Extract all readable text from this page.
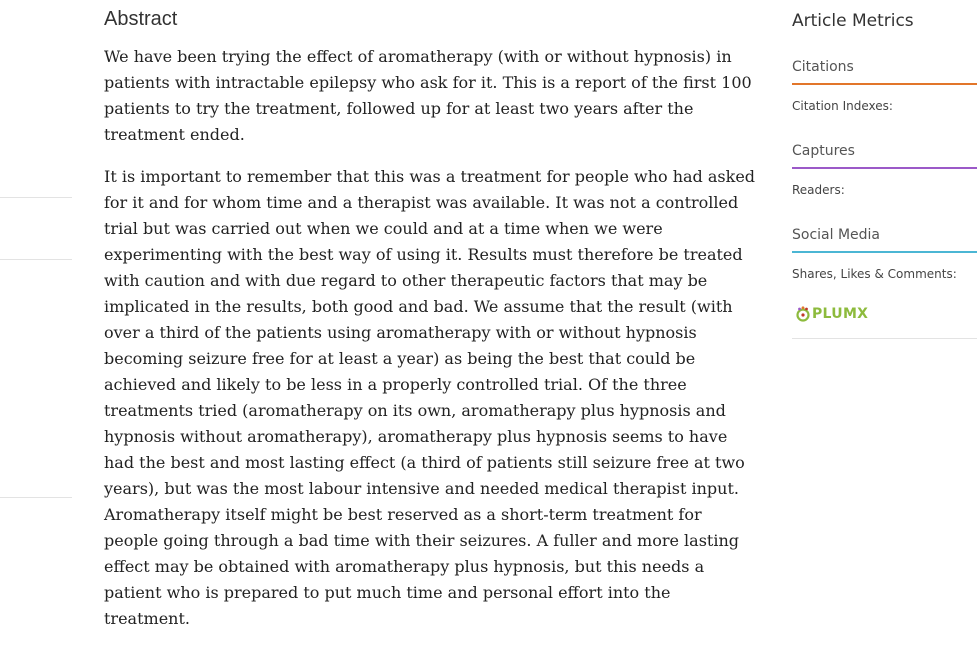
Abstract

We have been trying the effect of aromatherapy (with or without hypnosis) in patients with intractable epilepsy who ask for it. This is a report of the first 100 patients to try the treatment, followed up for at least two years after the treatment ended.

It is important to remember that this was a treatment for people who had asked for it and for whom time and a therapist was available. It was not a controlled trial but was carried out when we could and at a time when we were experimenting with the best way of using it. Results must therefore be treated with caution and with due regard to other therapeutic factors that may be implicated in the results, both good and bad. We assume that the result (with over a third of the patients using aromatherapy with or without hypnosis becoming seizure free for at least a year) as being the best that could be achieved and likely to be less in a properly controlled trial. Of the three treatments tried (aromatherapy on its own, aromatherapy plus hypnosis and hypnosis without aromatherapy), aromatherapy plus hypnosis seems to have had the best and most lasting effect (a third of patients still seizure free at two years), but was the most labour intensive and needed medical therapist input. Aromatherapy itself might be best reserved as a short-term treatment for people going through a bad time with their seizures. A fuller and more lasting effect may be obtained with aromatherapy plus hypnosis, but this needs a patient who is prepared to put much time and personal effort into the treatment.

Article Metrics
Citations
Citation Indexes:
Captures
Readers:
Social Media
Shares, Likes & Comments:
PLUMX
